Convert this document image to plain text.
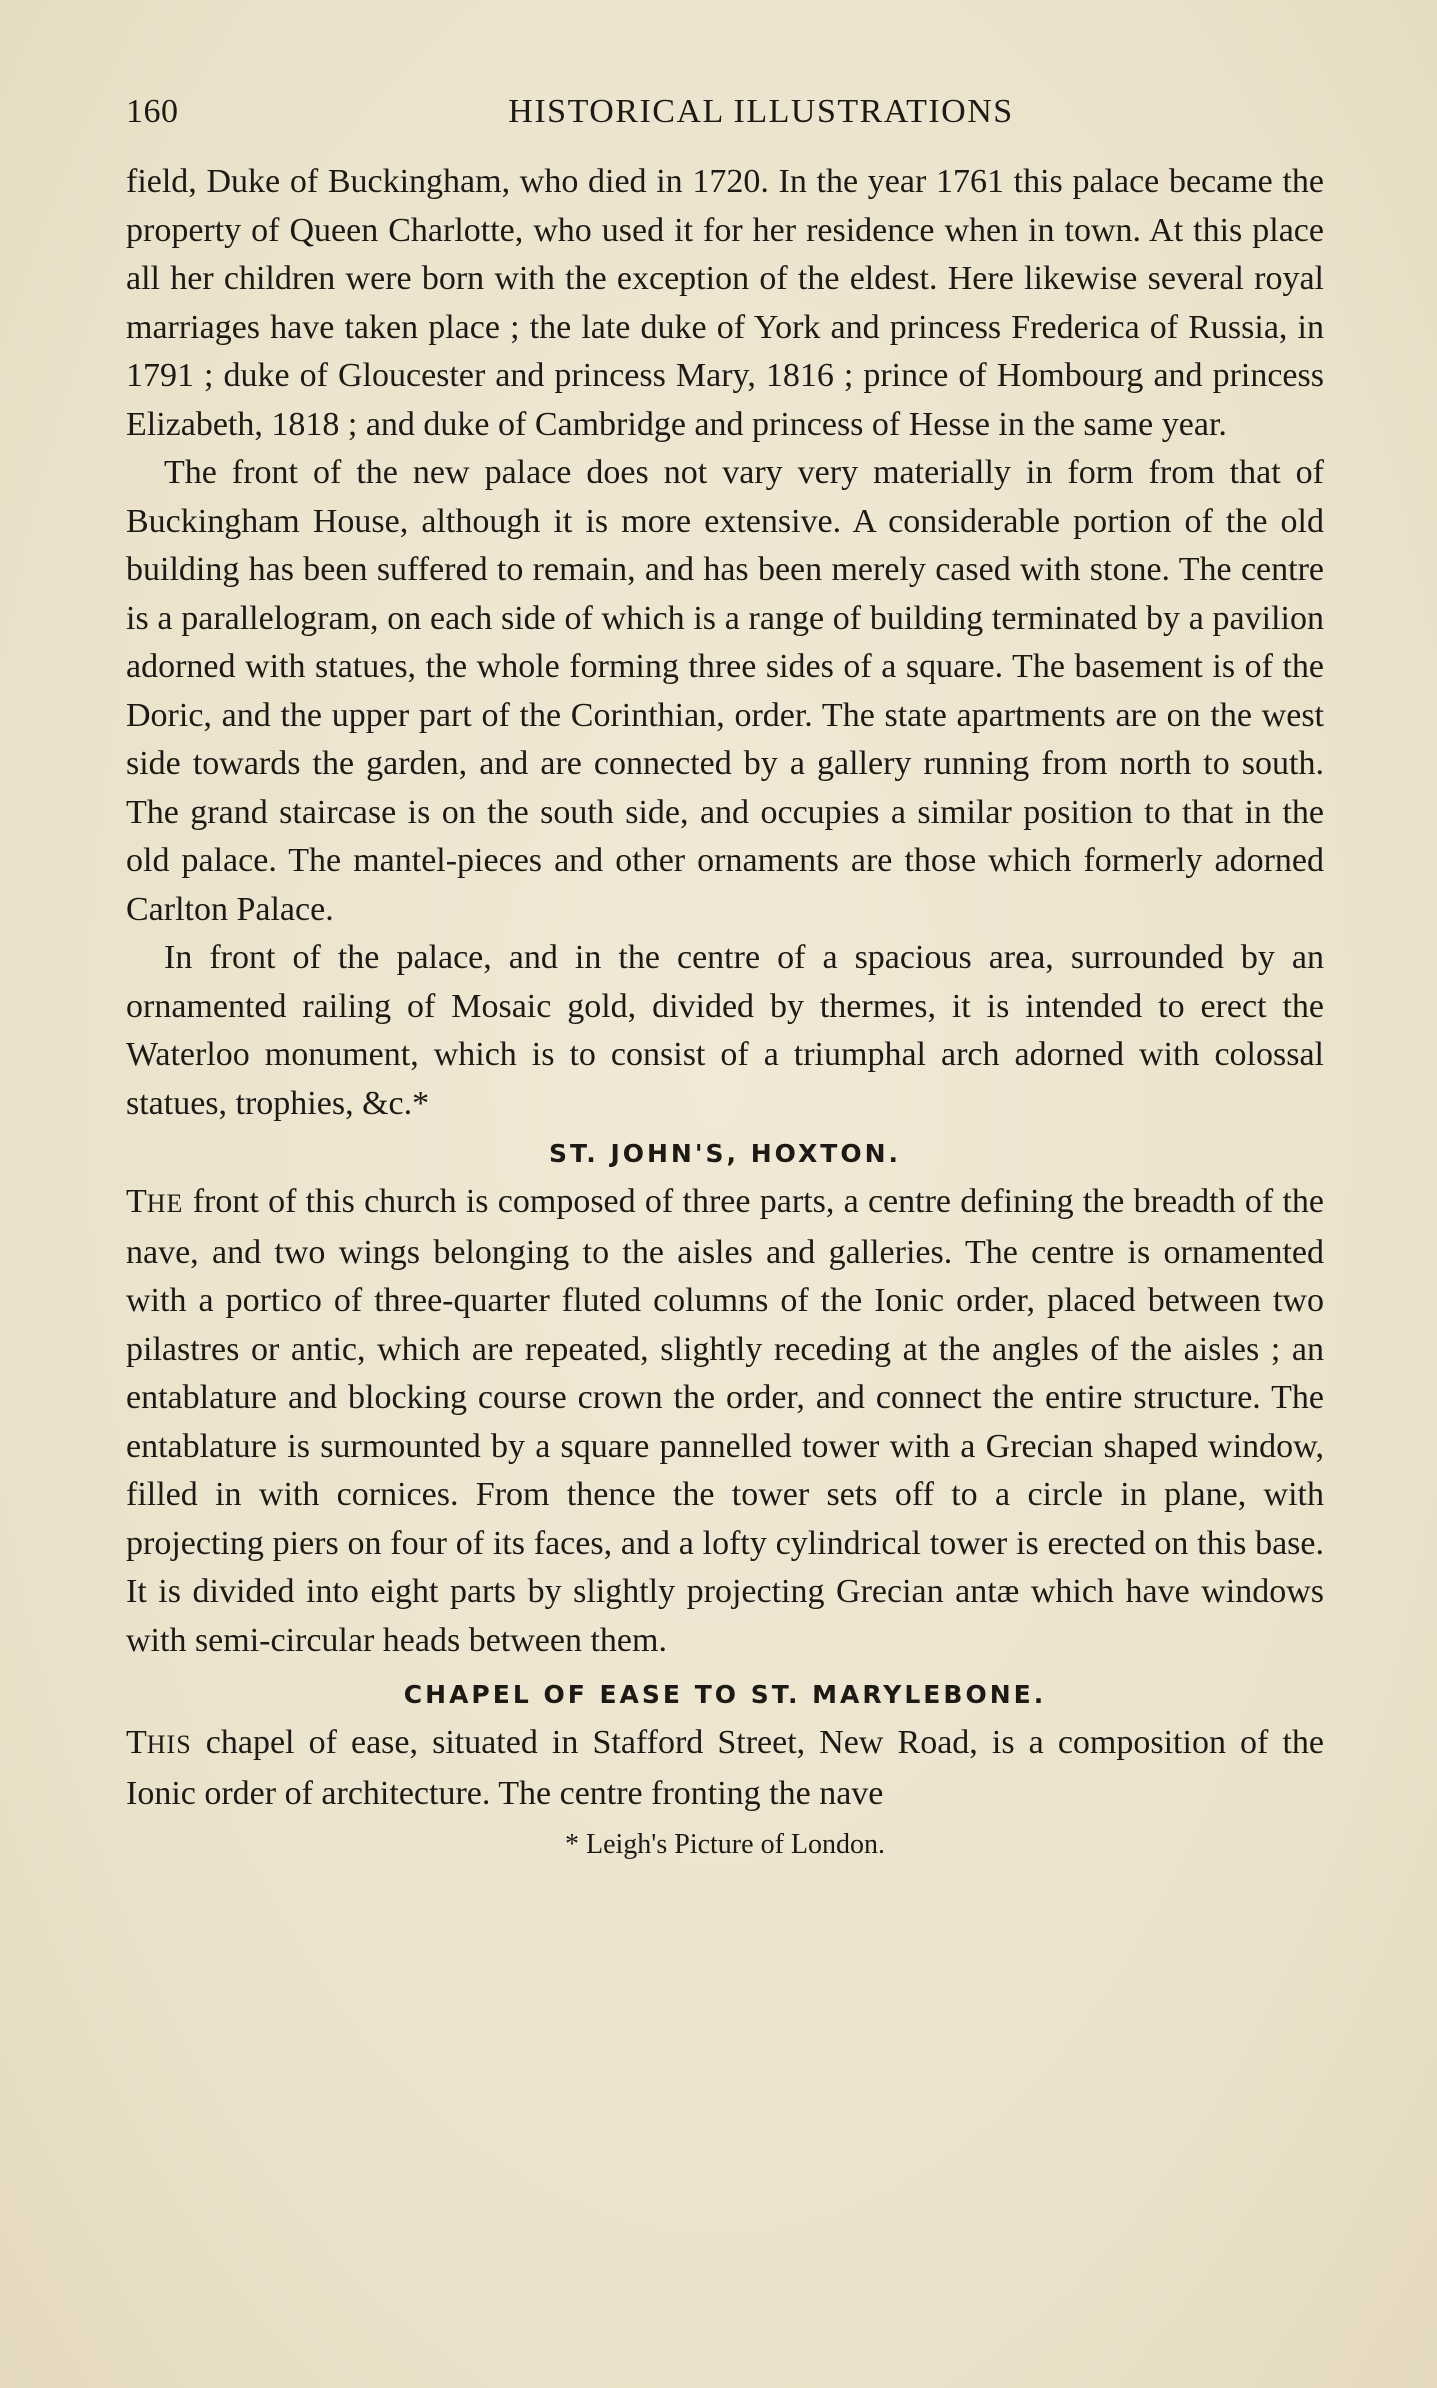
160	HISTORICAL ILLUSTRATIONS

field, Duke of Buckingham, who died in 1720. In the year 1761 this palace became the property of Queen Charlotte, who used it for her residence when in town. At this place all her children were born with the exception of the eldest. Here likewise several royal marriages have taken place ; the late duke of York and princess Frederica of Russia, in 1791 ; duke of Gloucester and princess Mary, 1816 ; prince of Hombourg and princess Elizabeth, 1818 ; and duke of Cambridge and princess of Hesse in the same year.

The front of the new palace does not vary very materially in form from that of Buckingham House, although it is more extensive. A considerable portion of the old building has been suffered to remain, and has been merely cased with stone. The centre is a parallelogram, on each side of which is a range of building terminated by a pavilion adorned with statues, the whole forming three sides of a square. The basement is of the Doric, and the upper part of the Corinthian, order. The state apartments are on the west side towards the garden, and are connected by a gallery running from north to south. The grand staircase is on the south side, and occupies a similar position to that in the old palace. The mantel-pieces and other ornaments are those which formerly adorned Carlton Palace.

In front of the palace, and in the centre of a spacious area, surrounded by an ornamented railing of Mosaic gold, divided by thermes, it is intended to erect the Waterloo monument, which is to consist of a triumphal arch adorned with colossal statues, trophies, &c.*

ST. JOHN'S, HOXTON.

THE front of this church is composed of three parts, a centre defining the breadth of the nave, and two wings belonging to the aisles and galleries. The centre is ornamented with a portico of three-quarter fluted columns of the Ionic order, placed between two pilastres or antic, which are repeated, slightly receding at the angles of the aisles ; an entablature and blocking course crown the order, and connect the entire structure. The entablature is surmounted by a square pannelled tower with a Grecian shaped window, filled in with cornices. From thence the tower sets off to a circle in plane, with projecting piers on four of its faces, and a lofty cylindrical tower is erected on this base. It is divided into eight parts by slightly projecting Grecian antæ which have windows with semi-circular heads between them.

CHAPEL OF EASE TO ST. MARYLEBONE.

THIS chapel of ease, situated in Stafford Street, New Road, is a composition of the Ionic order of architecture. The centre fronting the nave

* Leigh's Picture of London.
